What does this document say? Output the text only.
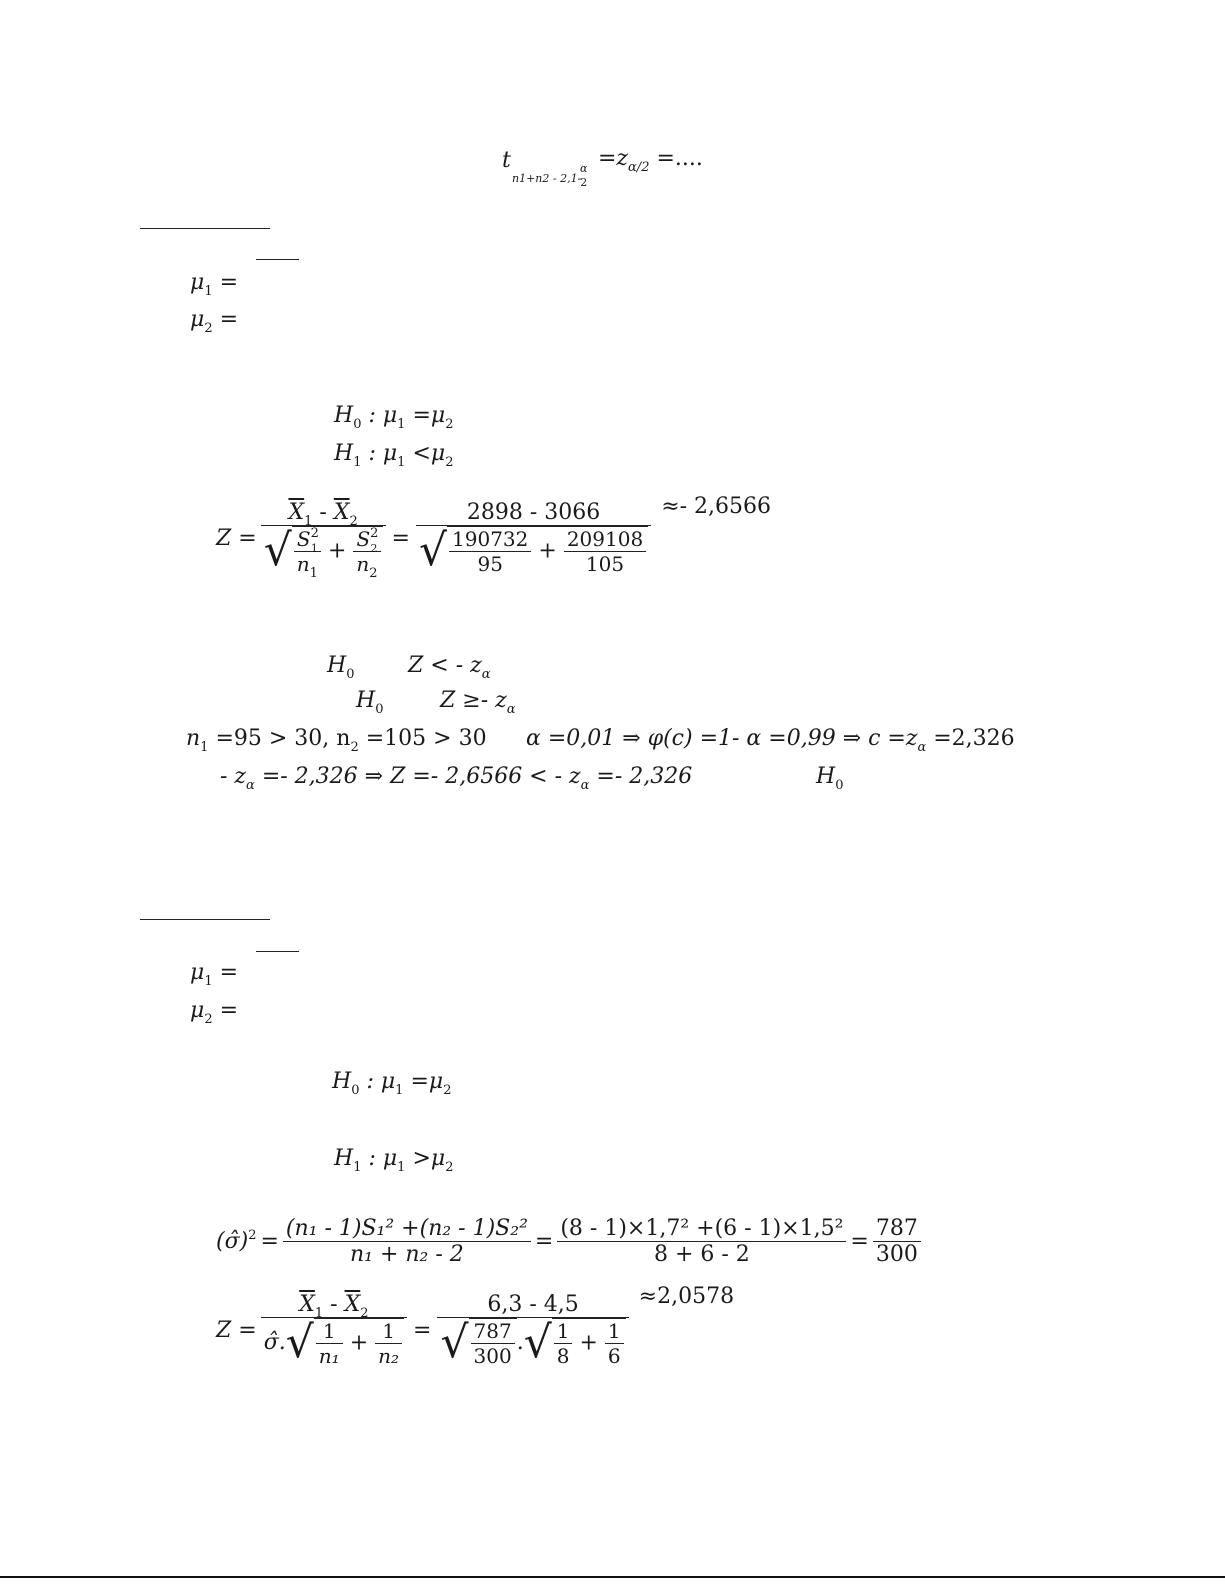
t
n1+n2 - 2,1-
α
2
$=z_{\alpha/2}$ =....
$\mu_1$ =
$\mu_2$ =
$H_0$ : $\mu_1 =\mu_2$
$H_1$ : $\mu_1 <\mu_2$
$Z = \frac{\overline{X}_1 - \overline{X}_2}{√ \frac{S^2_1}{n_1} + \frac{S^2_2}{n_2}} = \frac{2898 - 3066}{√ \frac{190732}{95} + \frac{209108}{105}} \approx- 2,6566$
$H_0$ Z < - $z_\alpha$
$H_0$	$Z \ge- z_\alpha$
$n_1 =95 > 30$, $n_2 =105 > 30$ α =0,01 ⇒ φ(c) =1- α =0,99 ⇒ $c =z_\alpha =2,326$
- $z_\alpha =- 2,326$ ⇒ Z =- 2,6566 < - $z_\alpha =- 2,326$	$H_0$
$\mu_1$ =
$\mu_2$ =
$H_0$ : $\mu_1 =\mu_2$
$H_1$ : $\mu_1 >\mu_2$
(σ̂)$^2$ = $\frac{\text{(n₁ - 1)S₁² +(n₂ - 1)S₂²}}{\text{n₁ + n₂ - 2}} = \frac{\text{(8 - 1)×1,7² +(6 - 1)×1,5²}}{8 + 6 - 2} = \frac{787}{300}$
$Z = \frac{\overline{X}_1 - \overline{X}_2}{\sigmâ.√ \frac{1}{\text{n₁}} + \frac{1}{\text{n₂}}} = \frac{6,3 - 4,5}{√ \frac{787}{300} .√ \frac{1}{8} + \frac{1}{6}} \approx 2,0578$
